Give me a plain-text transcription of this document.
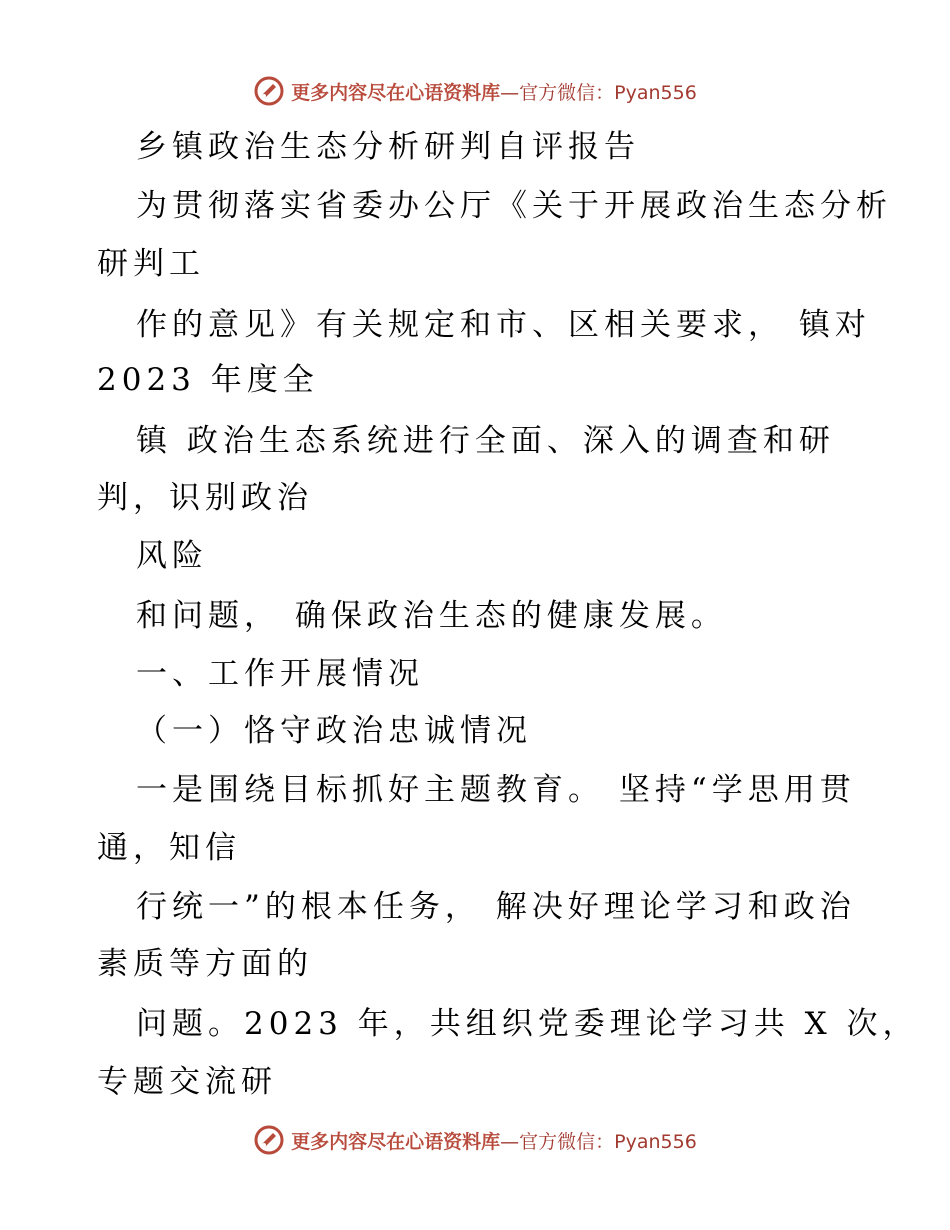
更多内容尽在心语资料库 —官方微信：Pyan556
乡镇政治生态分析研判自评报告
为贯彻落实省委办公厅《关于开展政治生态分析
研判工
作的意见》有关规定和市、区相关要求， 镇对
2023 年度全
镇 政治生态系统进行全面、深入的调查和研
判，识别政治
风险
和问题， 确保政治生态的健康发展。
一、工作开展情况
（一）恪守政治忠诚情况
一是围绕目标抓好主题教育。 坚持“学思用贯
通，知信
行统一”的根本任务， 解决好理论学习和政治
素质等方面的
问题。2023 年，共组织党委理论学习共 X 次，
专题交流研
更多内容尽在心语资料库 —官方微信：Pyan556
